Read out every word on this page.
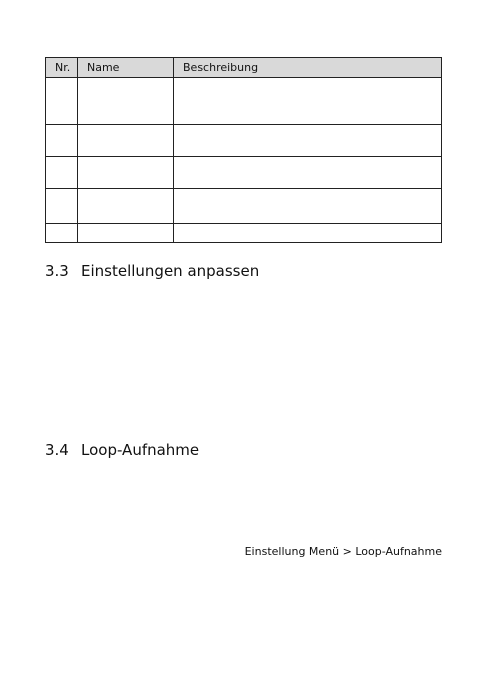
Nr.	Name	Beschreibung

3.3 Einstellungen anpassen
3.4 Loop-Aufnahme
Einstellung Menü > Loop-Aufnahme
